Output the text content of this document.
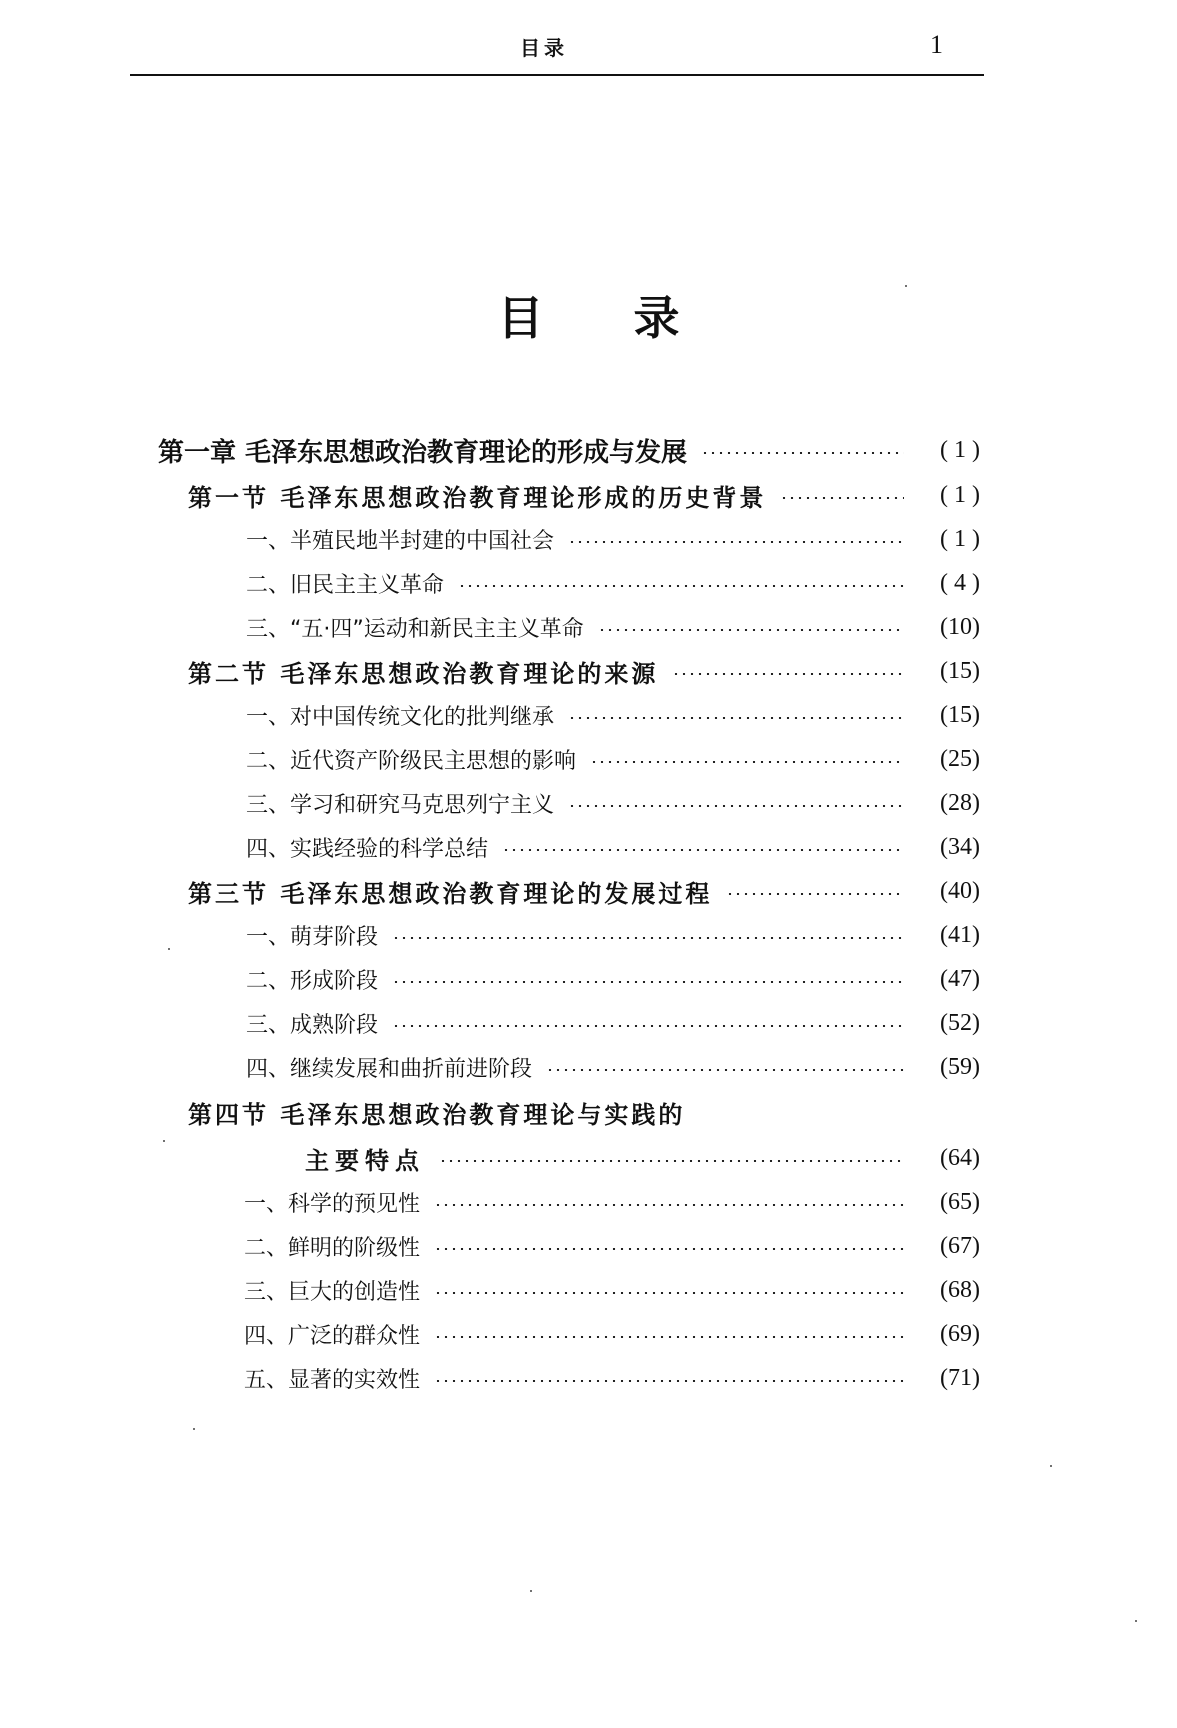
目录	1
目 录
第一章 毛泽东思想政治教育理论的形成与发展	( 1 )
第一节 毛泽东思想政治教育理论形成的历史背景	( 1 )
一、半殖民地半封建的中国社会	( 1 )
二、旧民主主义革命	( 4 )
三、“五·四”运动和新民主主义革命	(10)
第二节 毛泽东思想政治教育理论的来源	(15)
一、对中国传统文化的批判继承	(15)
二、近代资产阶级民主思想的影响	(25)
三、学习和研究马克思列宁主义	(28)
四、实践经验的科学总结	(34)
第三节 毛泽东思想政治教育理论的发展过程	(40)
一、萌芽阶段	(41)
二、形成阶段	(47)
三、成熟阶段	(52)
四、继续发展和曲折前进阶段	(59)
第四节 毛泽东思想政治教育理论与实践的
主要特点	(64)
一、科学的预见性	(65)
二、鲜明的阶级性	(67)
三、巨大的创造性	(68)
四、广泛的群众性	(69)
五、显著的实效性	(71)
